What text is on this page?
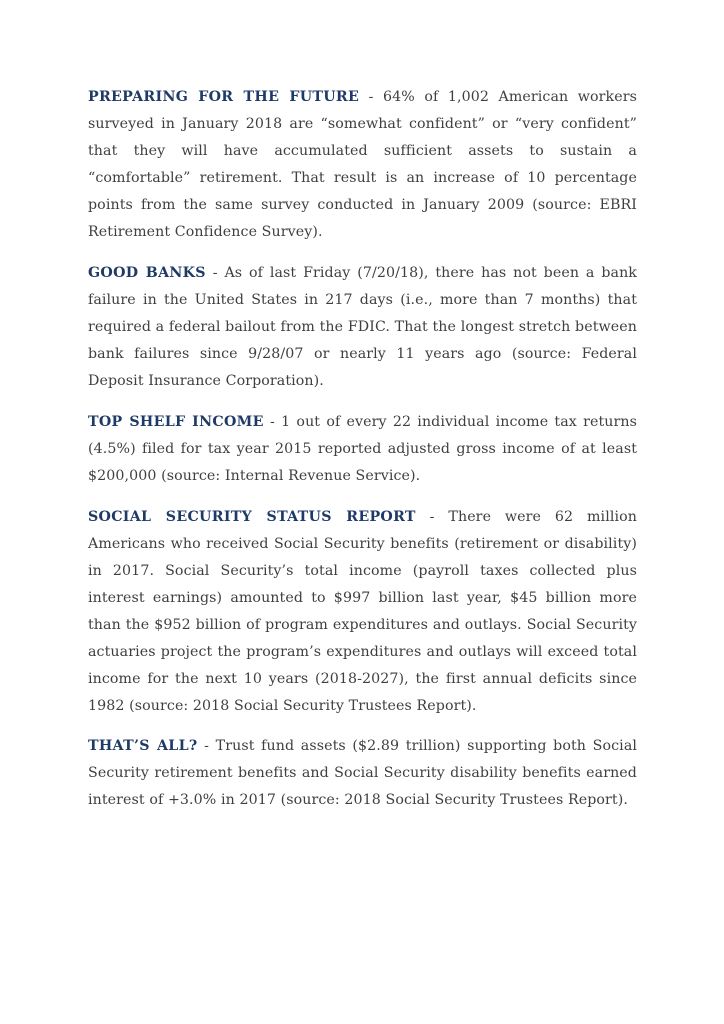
PREPARING FOR THE FUTURE - 64% of 1,002 American workers surveyed in January 2018 are “somewhat confident” or “very confident” that they will have accumulated sufficient assets to sustain a “comfortable” retirement. That result is an increase of 10 percentage points from the same survey conducted in January 2009 (source: EBRI Retirement Confidence Survey).

GOOD BANKS - As of last Friday (7/20/18), there has not been a bank failure in the United States in 217 days (i.e., more than 7 months) that required a federal bailout from the FDIC. That the longest stretch between bank failures since 9/28/07 or nearly 11 years ago (source: Federal Deposit Insurance Corporation).

TOP SHELF INCOME - 1 out of every 22 individual income tax returns (4.5%) filed for tax year 2015 reported adjusted gross income of at least $200,000 (source: Internal Revenue Service).

SOCIAL SECURITY STATUS REPORT - There were 62 million Americans who received Social Security benefits (retirement or disability) in 2017. Social Security’s total income (payroll taxes collected plus interest earnings) amounted to $997 billion last year, $45 billion more than the $952 billion of program expenditures and outlays. Social Security actuaries project the program’s expenditures and outlays will exceed total income for the next 10 years (2018-2027), the first annual deficits since 1982 (source: 2018 Social Security Trustees Report).

THAT’S ALL? - Trust fund assets ($2.89 trillion) supporting both Social Security retirement benefits and Social Security disability benefits earned interest of +3.0% in 2017 (source: 2018 Social Security Trustees Report).
